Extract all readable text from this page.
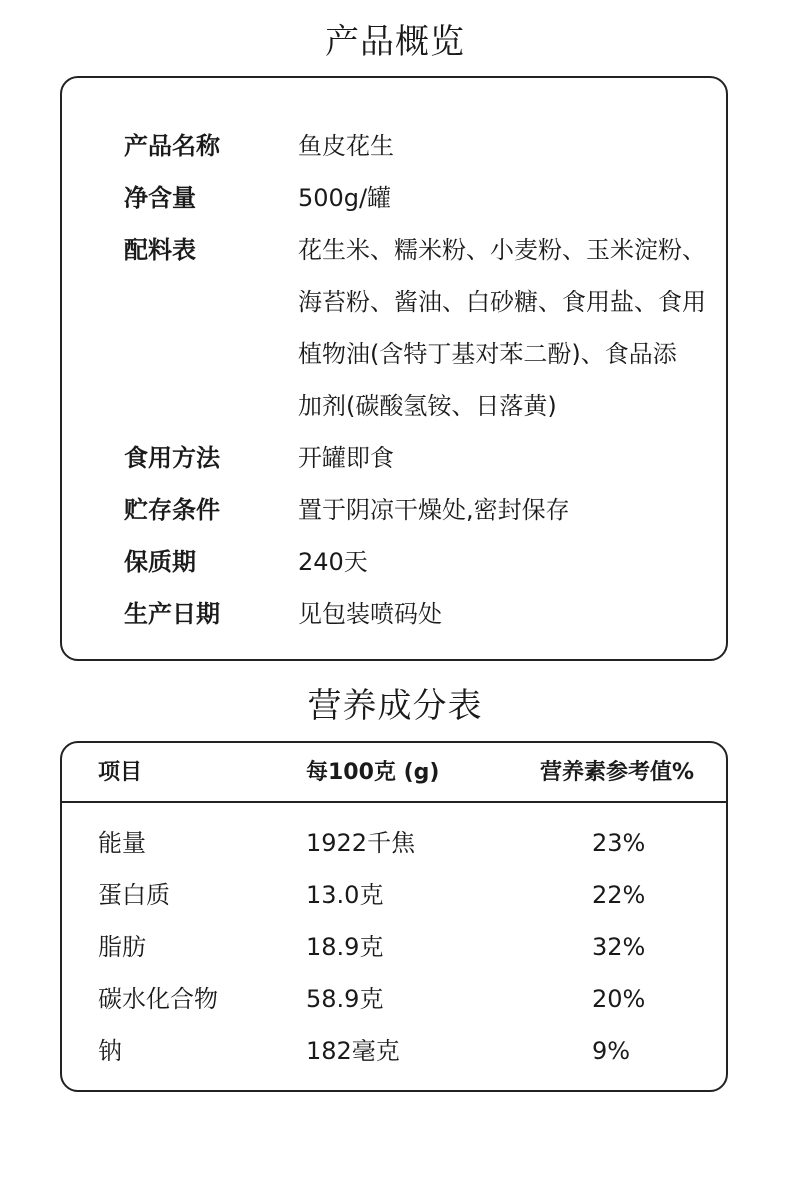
产品概览
产品名称	鱼皮花生
净含量	500g/罐
配料表	花生米、糯米粉、小麦粉、玉米淀粉、
海苔粉、酱油、白砂糖、食用盐、食用
植物油(含特丁基对苯二酚)、食品添
加剂(碳酸氢铵、日落黄)
食用方法	开罐即食
贮存条件	置于阴凉干燥处,密封保存
保质期	240天
生产日期	见包装喷码处
营养成分表
项目	每100克 (g)	营养素参考值%
能量	1922千焦	23%
蛋白质	13.0克	22%
脂肪	18.9克	32%
碳水化合物	58.9克	20%
钠	182毫克	9%
